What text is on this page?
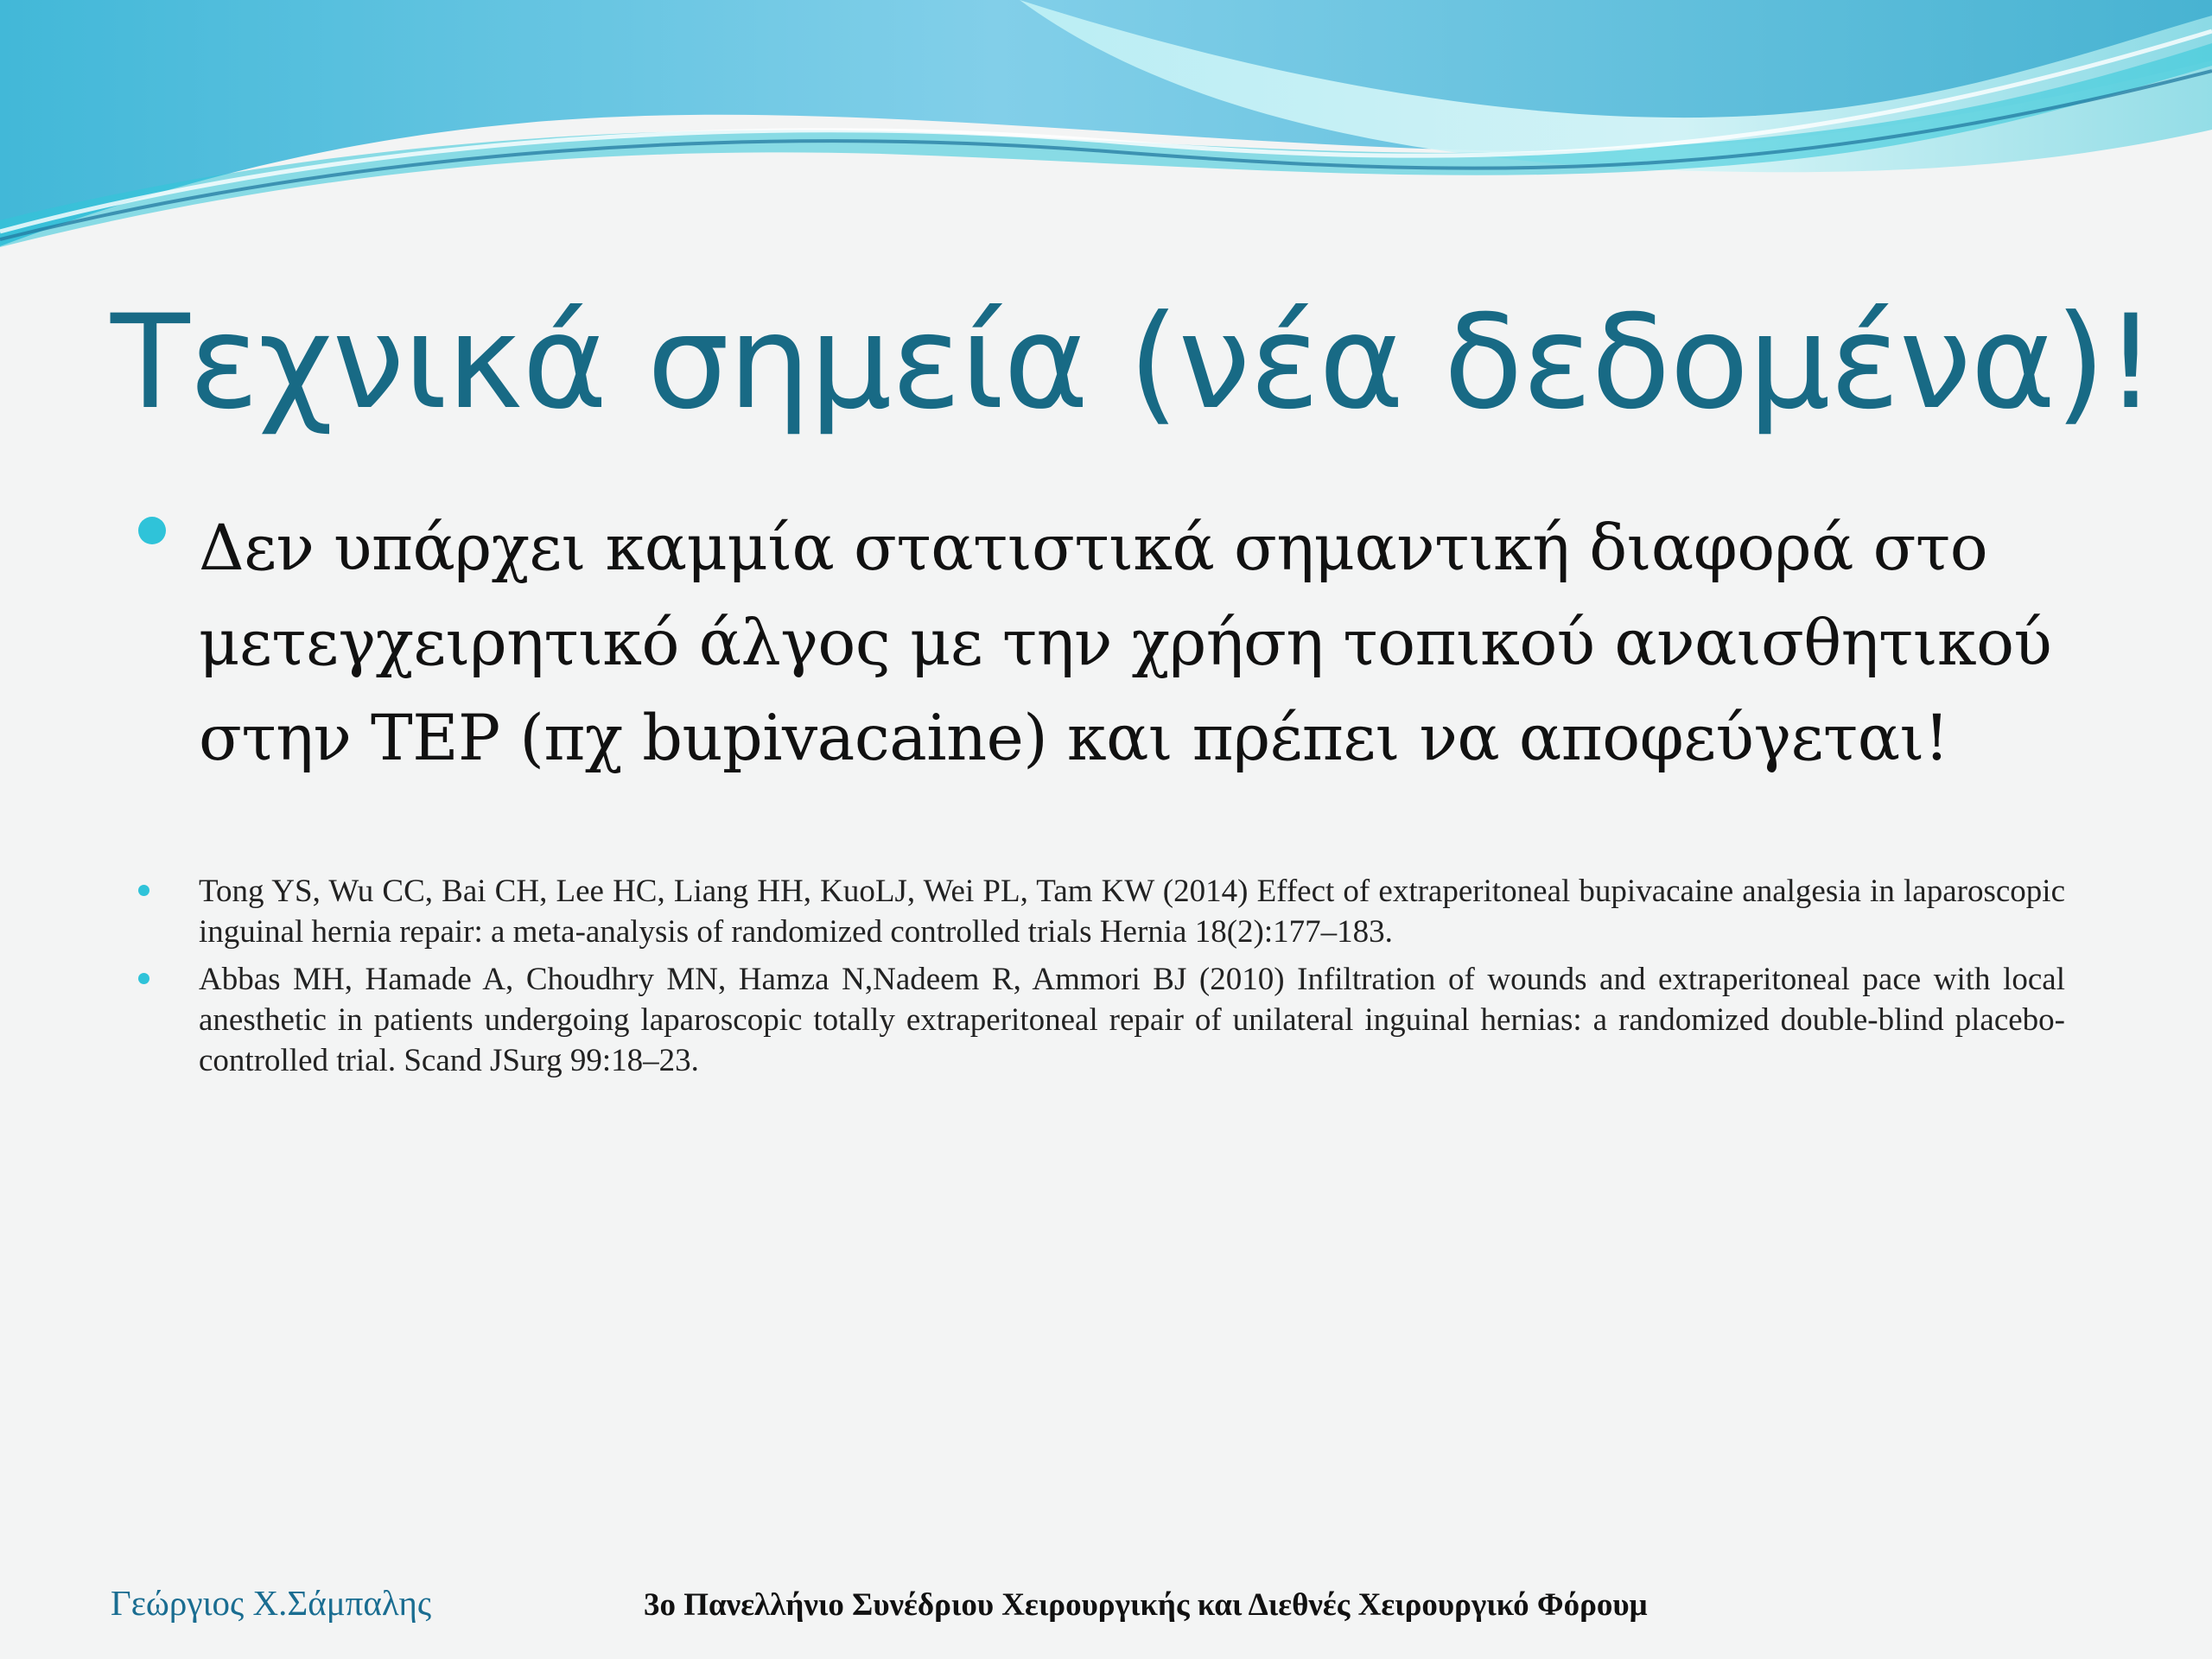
Τεχνικά σημεία (νέα δεδομένα)!

Δεν υπάρχει καμμία στατιστικά σημαντική διαφορά στο μετεγχειρητικό άλγος με την χρήση τοπικού αναισθητικού στην TEP (πχ bupivacaine) και πρέπει να αποφεύγεται!

Tong YS, Wu CC, Bai CH, Lee HC, Liang HH, KuoLJ, Wei PL, Tam KW (2014) Effect of extraperitoneal bupivacaine analgesia in laparoscopic inguinal hernia repair: a meta-analysis of randomized controlled trials Hernia 18(2):177–183.

Abbas MH, Hamade A, Choudhry MN, Hamza N,Nadeem R, Ammori BJ (2010) Infiltration of wounds and extraperitoneal pace with local anesthetic in patients undergoing laparoscopic totally extraperitoneal repair of unilateral inguinal hernias: a randomized double-blind placebo-controlled trial. Scand JSurg 99:18–23.

Γεώργιος Χ.Σάμπαλης	3ο Πανελλήνιο Συνέδριου Χειρουργικής και Διεθνές Χειρουργικό Φόρουμ
